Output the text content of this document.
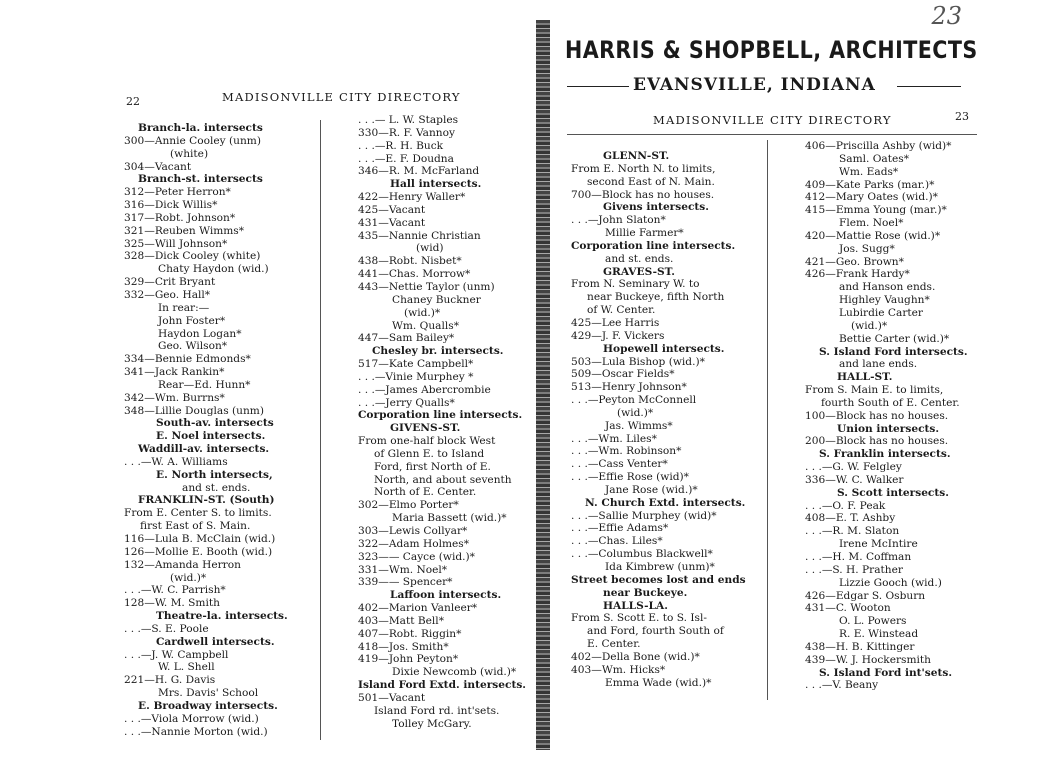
22	MADISONVILLE CITY DIRECTORY
Branch-la. intersects
300—Annie Cooley (unm)
(white)
304—Vacant
Branch-st. intersects
312—Peter Herron*
316—Dick Willis*
317—Robt. Johnson*
321—Reuben Wimms*
325—Will Johnson*
328—Dick Cooley (white)
Chaty Haydon (wid.)
329—Crit Bryant
332—Geo. Hall*
In rear:—
John Foster*
Haydon Logan*
Geo. Wilson*
334—Bennie Edmonds*
341—Jack Rankin*
Rear—Ed. Hunn*
342—Wm. Burrns*
348—Lillie Douglas (unm)
South-av. intersects
E. Noel intersects.
Waddill-av. intersects.
. . .—W. A. Williams
E. North intersects,
and st. ends.
FRANKLIN-ST. (South)
From E. Center S. to limits.
first East of S. Main.
116—Lula B. McClain (wid.)
126—Mollie E. Booth (wid.)
132—Amanda Herron
(wid.)*
. . .—W. C. Parrish*
128—W. M. Smith
Theatre-la. intersects.
. . .—S. E. Poole
Cardwell intersects.
. . .—J. W. Campbell
W. L. Shell
221—H. G. Davis
Mrs. Davis' School
E. Broadway intersects.
. . .—Viola Morrow (wid.)
. . .—Nannie Morton (wid.)
. . .— L. W. Staples
330—R. F. Vannoy
. . .—R. H. Buck
. . .—E. F. Doudna
346—R. M. McFarland
Hall intersects.
422—Henry Waller*
425—Vacant
431—Vacant
435—Nannie Christian
(wid)
438—Robt. Nisbet*
441—Chas. Morrow*
443—Nettie Taylor (unm)
Chaney Buckner
(wid.)*
Wm. Qualls*
447—Sam Bailey*
Chesley br. intersects.
517—Kate Campbell*
. . .—Vinie Murphey *
. . .—James Abercrombie
. . .—Jerry Qualls*
Corporation line intersects.
GIVENS-ST.
From one-half block West
of Glenn E. to Island
Ford, first North of E.
North, and about seventh
North of E. Center.
302—Elmo Porter*
Maria Bassett (wid.)*
303—Lewis Collyar*
322—Adam Holmes*
323—— Cayce (wid.)*
331—Wm. Noel*
339—— Spencer*
Laffoon intersects.
402—Marion Vanleer*
403—Matt Bell*
407—Robt. Riggin*
418—Jos. Smith*
419—John Peyton*
Dixie Newcomb (wid.)*
Island Ford Extd. intersects.
501—Vacant
Island Ford rd. int'sets.
Tolley McGary.
23
HARRIS & SHOPBELL, ARCHITECTS
EVANSVILLE, INDIANA
MADISONVILLE CITY DIRECTORY	23
GLENN-ST.
From E. North N. to limits,
second East of N. Main.
700—Block has no houses.
Givens intersects.
. . .—John Slaton*
Millie Farmer*
Corporation line intersects.
and st. ends.
GRAVES-ST.
From N. Seminary W. to
near Buckeye, fifth North
of W. Center.
425—Lee Harris
429—J. F. Vickers
Hopewell intersects.
503—Lula Bishop (wid.)*
509—Oscar Fields*
513—Henry Johnson*
. . .—Peyton McConnell
(wid.)*
Jas. Wimms*
. . .—Wm. Liles*
. . .—Wm. Robinson*
. . .—Cass Venter*
. . .—Effie Rose (wid)*
Jane Rose (wid.)*
N. Church Extd. intersects.
. . .—Sallie Murphey (wid)*
. . .—Effie Adams*
. . .—Chas. Liles*
. . .—Columbus Blackwell*
Ida Kimbrew (unm)*
Street becomes lost and ends
near Buckeye.
HALLS-LA.
From S. Scott E. to S. Isl-
and Ford, fourth South of
E. Center.
402—Della Bone (wid.)*
403—Wm. Hicks*
Emma Wade (wid.)*
406—Priscilla Ashby (wid)*
Saml. Oates*
Wm. Eads*
409—Kate Parks (mar.)*
412—Mary Oates (wid.)*
415—Emma Young (mar.)*
Flem. Noel*
420—Mattie Rose (wid.)*
Jos. Sugg*
421—Geo. Brown*
426—Frank Hardy*
and Hanson ends.
Highley Vaughn*
Lubirdie Carter
(wid.)*
Bettie Carter (wid.)*
S. Island Ford intersects.
and lane ends.
HALL-ST.
From S. Main E. to limits,
fourth South of E. Center.
100—Block has no houses.
Union intersects.
200—Block has no houses.
S. Franklin intersects.
. . .—G. W. Felgley
336—W. C. Walker
S. Scott intersects.
. . .—O. F. Peak
408—E. T. Ashby
. . .—R. M. Slaton
Irene McIntire
. . .—H. M. Coffman
. . .—S. H. Prather
Lizzie Gooch (wid.)
426—Edgar S. Osburn
431—C. Wooton
O. L. Powers
R. E. Winstead
438—H. B. Kittinger
439—W. J. Hockersmith
S. Island Ford int'sets.
. . .—V. Beany
